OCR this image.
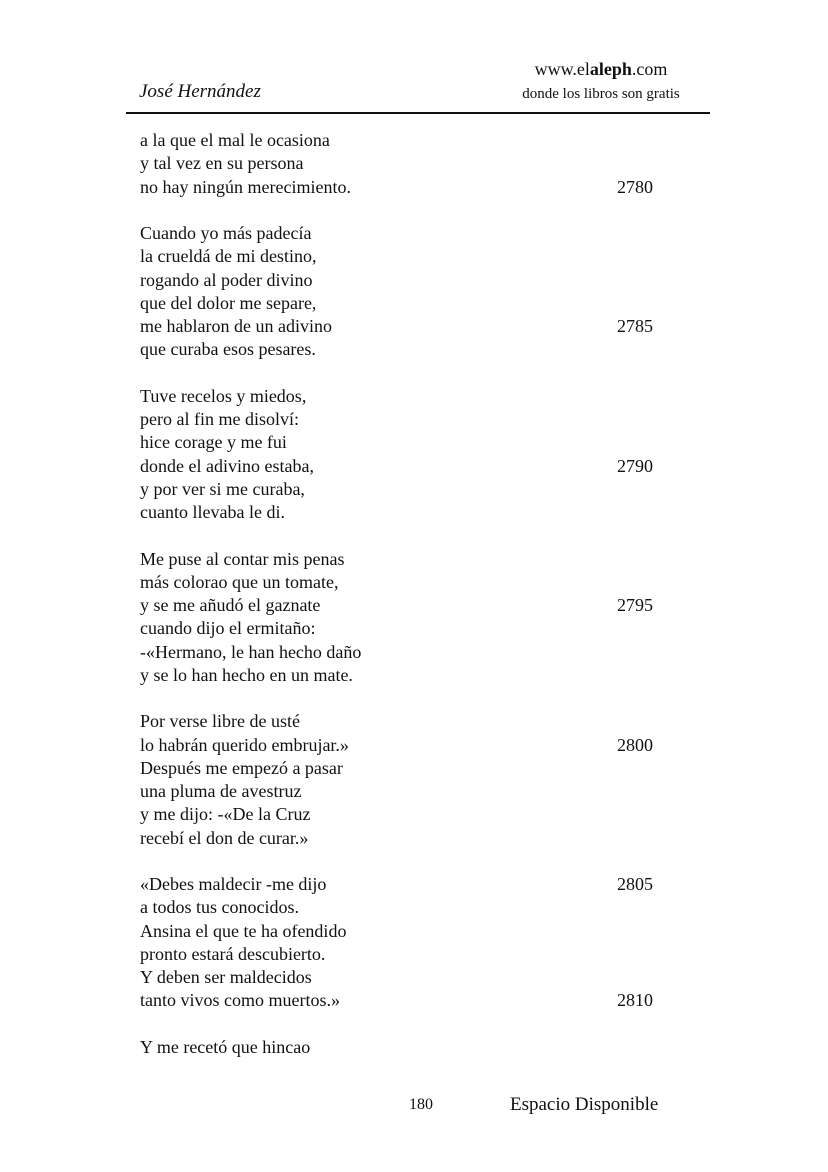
José Hernández
www.elaleph.com
donde los libros son gratis
a la que el mal le ocasiona
y tal vez en su persona
no hay ningún merecimiento.	2780
Cuando yo más padecía
la crueldá de mi destino,
rogando al poder divino
que del dolor me separe,
me hablaron de un adivino	2785
que curaba esos pesares.
Tuve recelos y miedos,
pero al fin me disolví:
hice corage y me fui
donde el adivino estaba,	2790
y por ver si me curaba,
cuanto llevaba le di.
Me puse al contar mis penas
más colorao que un tomate,
y se me añudó el gaznate	2795
cuando dijo el ermitaño:
-«Hermano, le han hecho daño
y se lo han hecho en un mate.
Por verse libre de usté
lo habrán querido embrujar.»	2800
Después me empezó a pasar
una pluma de avestruz
y me dijo: -«De la Cruz
recebí el don de curar.»
«Debes maldecir -me dijo	2805
a todos tus conocidos.
Ansina el que te ha ofendido
pronto estará descubierto.
Y deben ser maldecidos
tanto vivos como muertos.»	2810
Y me recetó que hincao
180	Espacio Disponible
